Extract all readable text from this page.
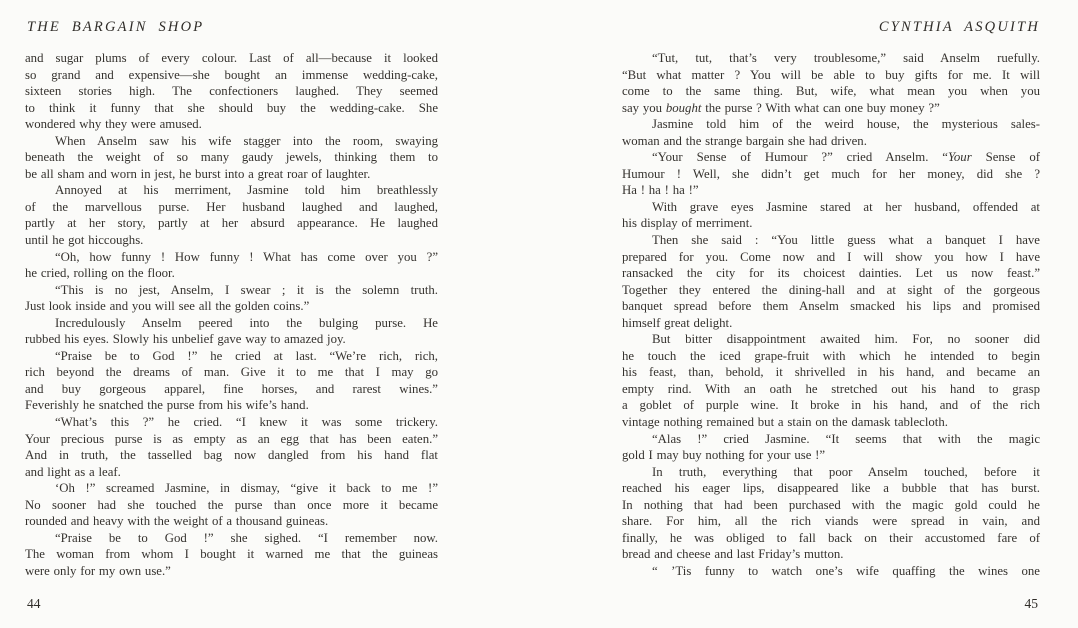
THE BARGAIN SHOP
and sugar plums of every colour. Last of all—because it looked
so grand and expensive—she bought an immense wedding-cake,
sixteen stories high. The confectioners laughed. They seemed
to think it funny that she should buy the wedding-cake. She
wondered why they were amused.
When Anselm saw his wife stagger into the room, swaying
beneath the weight of so many gaudy jewels, thinking them to
be all sham and worn in jest, he burst into a great roar of laughter.
Annoyed at his merriment, Jasmine told him breathlessly
of the marvellous purse. Her husband laughed and laughed,
partly at her story, partly at her absurd appearance. He laughed
until he got hiccoughs.
“Oh, how funny ! How funny ! What has come over you ?”
he cried, rolling on the floor.
“This is no jest, Anselm, I swear ; it is the solemn truth.
Just look inside and you will see all the golden coins.”
Incredulously Anselm peered into the bulging purse. He
rubbed his eyes. Slowly his unbelief gave way to amazed joy.
“Praise be to God !” he cried at last. “We’re rich, rich,
rich beyond the dreams of man. Give it to me that I may go
and buy gorgeous apparel, fine horses, and rarest wines.”
Feverishly he snatched the purse from his wife’s hand.
“What’s this ?” he cried. “I knew it was some trickery.
Your precious purse is as empty as an egg that has been eaten.”
And in truth, the tasselled bag now dangled from his hand flat
and light as a leaf.
‘Oh !” screamed Jasmine, in dismay, “give it back to me !”
No sooner had she touched the purse than once more it became
rounded and heavy with the weight of a thousand guineas.
“Praise be to God !” she sighed. “I remember now.
The woman from whom I bought it warned me that the guineas
were only for my own use.”
44
CYNTHIA ASQUITH
“Tut, tut, that’s very troublesome,” said Anselm ruefully.
“But what matter ? You will be able to buy gifts for me. It will
come to the same thing. But, wife, what mean you when you
say you bought the purse ? With what can one buy money ?”
Jasmine told him of the weird house, the mysterious sales-
woman and the strange bargain she had driven.
“Your Sense of Humour ?” cried Anselm. “Your Sense of
Humour ! Well, she didn’t get much for her money, did she ?
Ha ! ha ! ha !”
With grave eyes Jasmine stared at her husband, offended at
his display of merriment.
Then she said : “You little guess what a banquet I have
prepared for you. Come now and I will show you how I have
ransacked the city for its choicest dainties. Let us now feast.”
Together they entered the dining-hall and at sight of the gorgeous
banquet spread before them Anselm smacked his lips and promised
himself great delight.
But bitter disappointment awaited him. For, no sooner did
he touch the iced grape-fruit with which he intended to begin
his feast, than, behold, it shrivelled in his hand, and became an
empty rind. With an oath he stretched out his hand to grasp
a goblet of purple wine. It broke in his hand, and of the rich
vintage nothing remained but a stain on the damask tablecloth.
“Alas !” cried Jasmine. “It seems that with the magic
gold I may buy nothing for your use !”
In truth, everything that poor Anselm touched, before it
reached his eager lips, disappeared like a bubble that has burst.
In nothing that had been purchased with the magic gold could he
share. For him, all the rich viands were spread in vain, and
finally, he was obliged to fall back on their accustomed fare of
bread and cheese and last Friday’s mutton.
“ ’Tis funny to watch one’s wife quaffing the wines one
45
